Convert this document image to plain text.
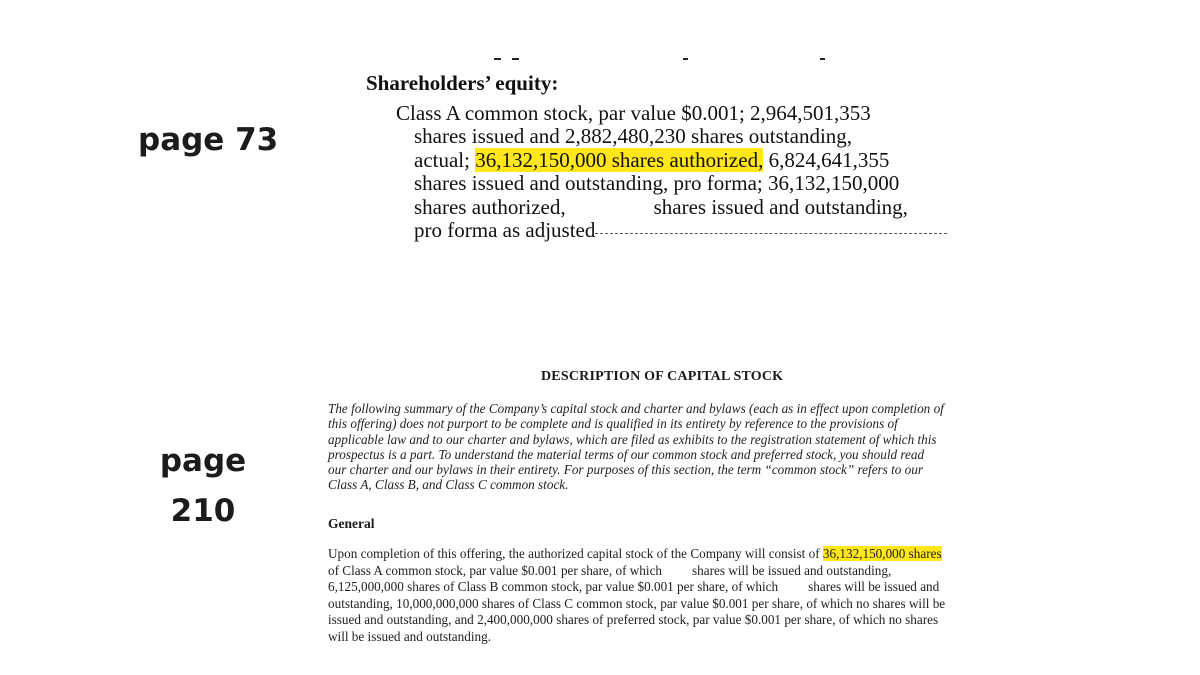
page 73
page
210
Shareholders’ equity:
Class A common stock, par value $0.001; 2,964,501,353
shares issued and 2,882,480,230 shares outstanding,
actual; 36,132,150,000 shares authorized, 6,824,641,355
shares issued and outstanding, pro forma; 36,132,150,000
shares authorized,	shares issued and outstanding,
pro forma as adjusted
DESCRIPTION OF CAPITAL STOCK
The following summary of the Company’s capital stock and charter and bylaws (each as in effect upon completion of
this offering) does not purport to be complete and is qualified in its entirety by reference to the provisions of
applicable law and to our charter and bylaws, which are filed as exhibits to the registration statement of which this
prospectus is a part. To understand the material terms of our common stock and preferred stock, you should read
our charter and our bylaws in their entirety. For purposes of this section, the term “common stock” refers to our
Class A, Class B, and Class C common stock.
General
Upon completion of this offering, the authorized capital stock of the Company will consist of 36,132,150,000 shares
of Class A common stock, par value $0.001 per share, of which shares will be issued and outstanding,
6,125,000,000 shares of Class B common stock, par value $0.001 per share, of which shares will be issued and
outstanding, 10,000,000,000 shares of Class C common stock, par value $0.001 per share, of which no shares will be
issued and outstanding, and 2,400,000,000 shares of preferred stock, par value $0.001 per share, of which no shares
will be issued and outstanding.
